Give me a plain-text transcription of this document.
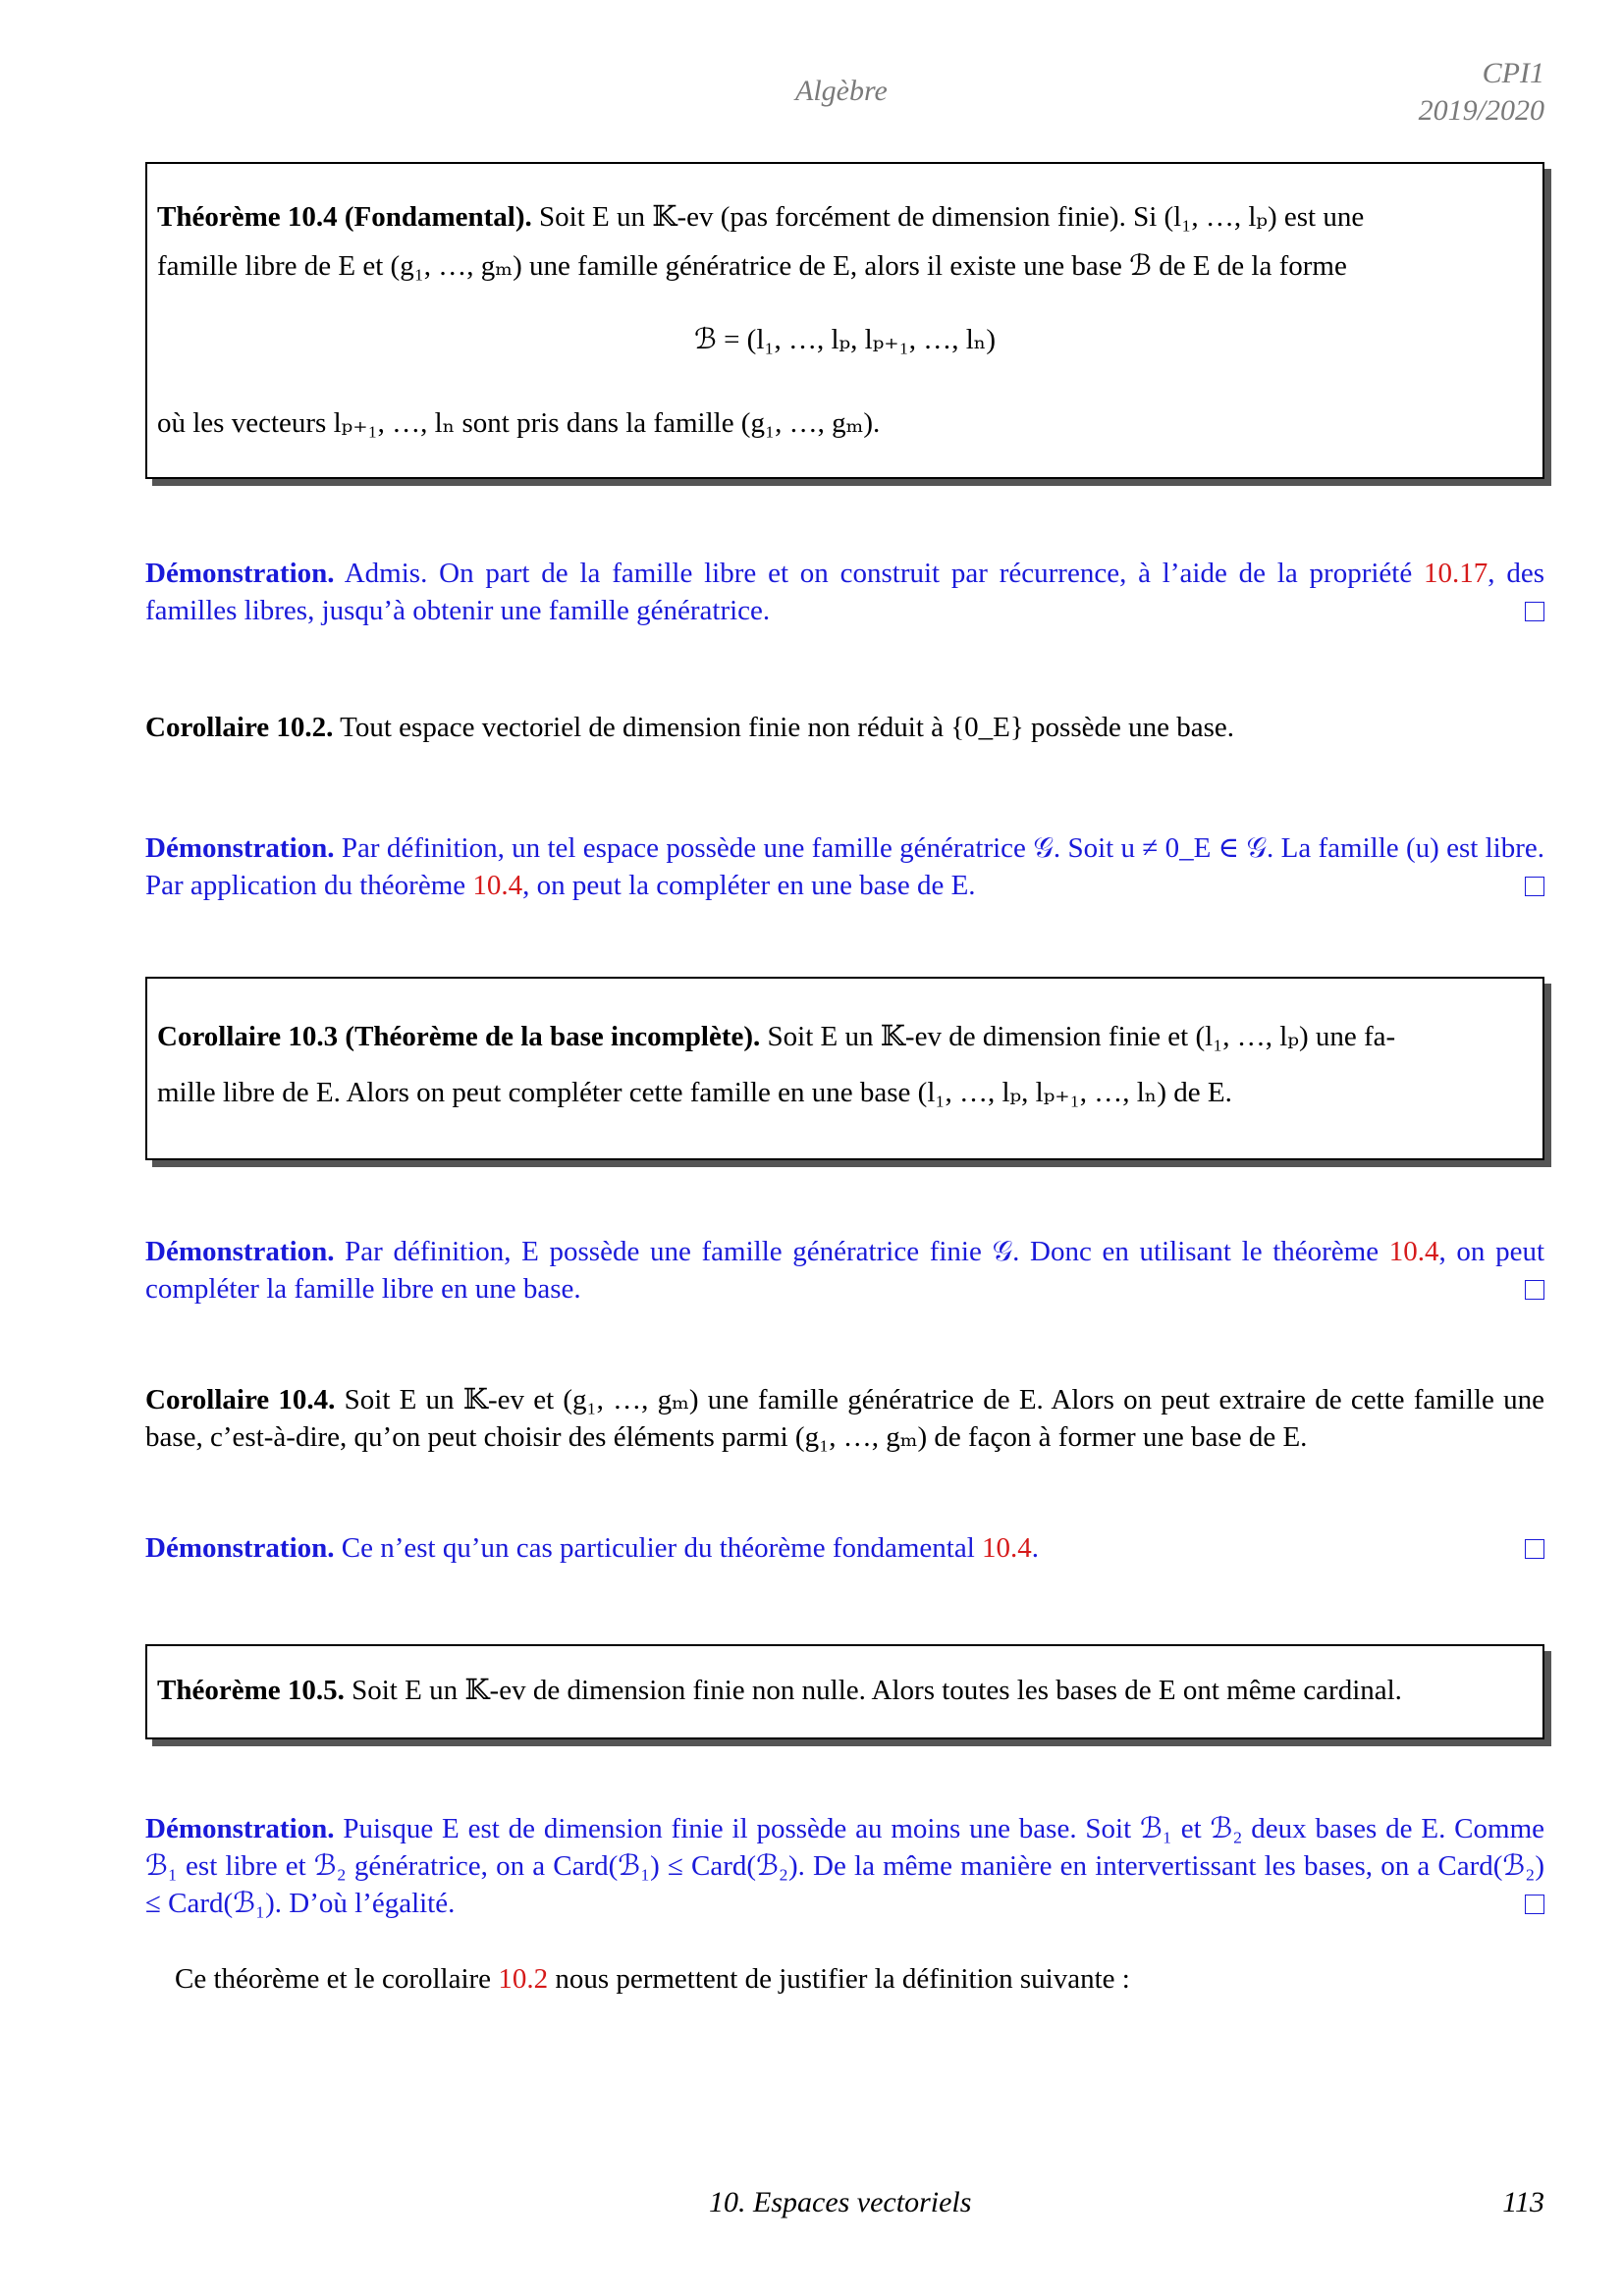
Algèbre
CPI1
2019/2020
Théorème 10.4 (Fondamental). Soit E un 𝕂-ev (pas forcément de dimension finie). Si (l₁, …, lₚ) est une
famille libre de E et (g₁, …, gₘ) une famille génératrice de E, alors il existe une base ℬ de E de la forme
ℬ = (l₁, …, lₚ, lₚ₊₁, …, lₙ)
où les vecteurs lₚ₊₁, …, lₙ sont pris dans la famille (g₁, …, gₘ).
Démonstration. Admis. On part de la famille libre et on construit par récurrence, à l’aide de la propriété 10.17, des familles libres, jusqu’à obtenir une famille génératrice.
Corollaire 10.2. Tout espace vectoriel de dimension finie non réduit à {0_E} possède une base.
Démonstration. Par définition, un tel espace possède une famille génératrice 𝒢. Soit u ≠ 0_E ∈ 𝒢. La famille (u) est libre. Par application du théorème 10.4, on peut la compléter en une base de E.
Corollaire 10.3 (Théorème de la base incomplète). Soit E un 𝕂-ev de dimension finie et (l₁, …, lₚ) une fa-
mille libre de E. Alors on peut compléter cette famille en une base (l₁, …, lₚ, lₚ₊₁, …, lₙ) de E.
Démonstration. Par définition, E possède une famille génératrice finie 𝒢. Donc en utilisant le théorème 10.4, on peut compléter la famille libre en une base.
Corollaire 10.4. Soit E un 𝕂-ev et (g₁, …, gₘ) une famille génératrice de E. Alors on peut extraire de cette famille une base, c’est-à-dire, qu’on peut choisir des éléments parmi (g₁, …, gₘ) de façon à former une base de E.
Démonstration. Ce n’est qu’un cas particulier du théorème fondamental 10.4.
Théorème 10.5. Soit E un 𝕂-ev de dimension finie non nulle. Alors toutes les bases de E ont même cardinal.
Démonstration. Puisque E est de dimension finie il possède au moins une base. Soit ℬ₁ et ℬ₂ deux bases de E. Comme ℬ₁ est libre et ℬ₂ génératrice, on a Card(ℬ₁) ≤ Card(ℬ₂). De la même manière en intervertissant les bases, on a Card(ℬ₂) ≤ Card(ℬ₁). D’où l’égalité.
Ce théorème et le corollaire 10.2 nous permettent de justifier la définition suivante :
10. Espaces vectoriels	113
